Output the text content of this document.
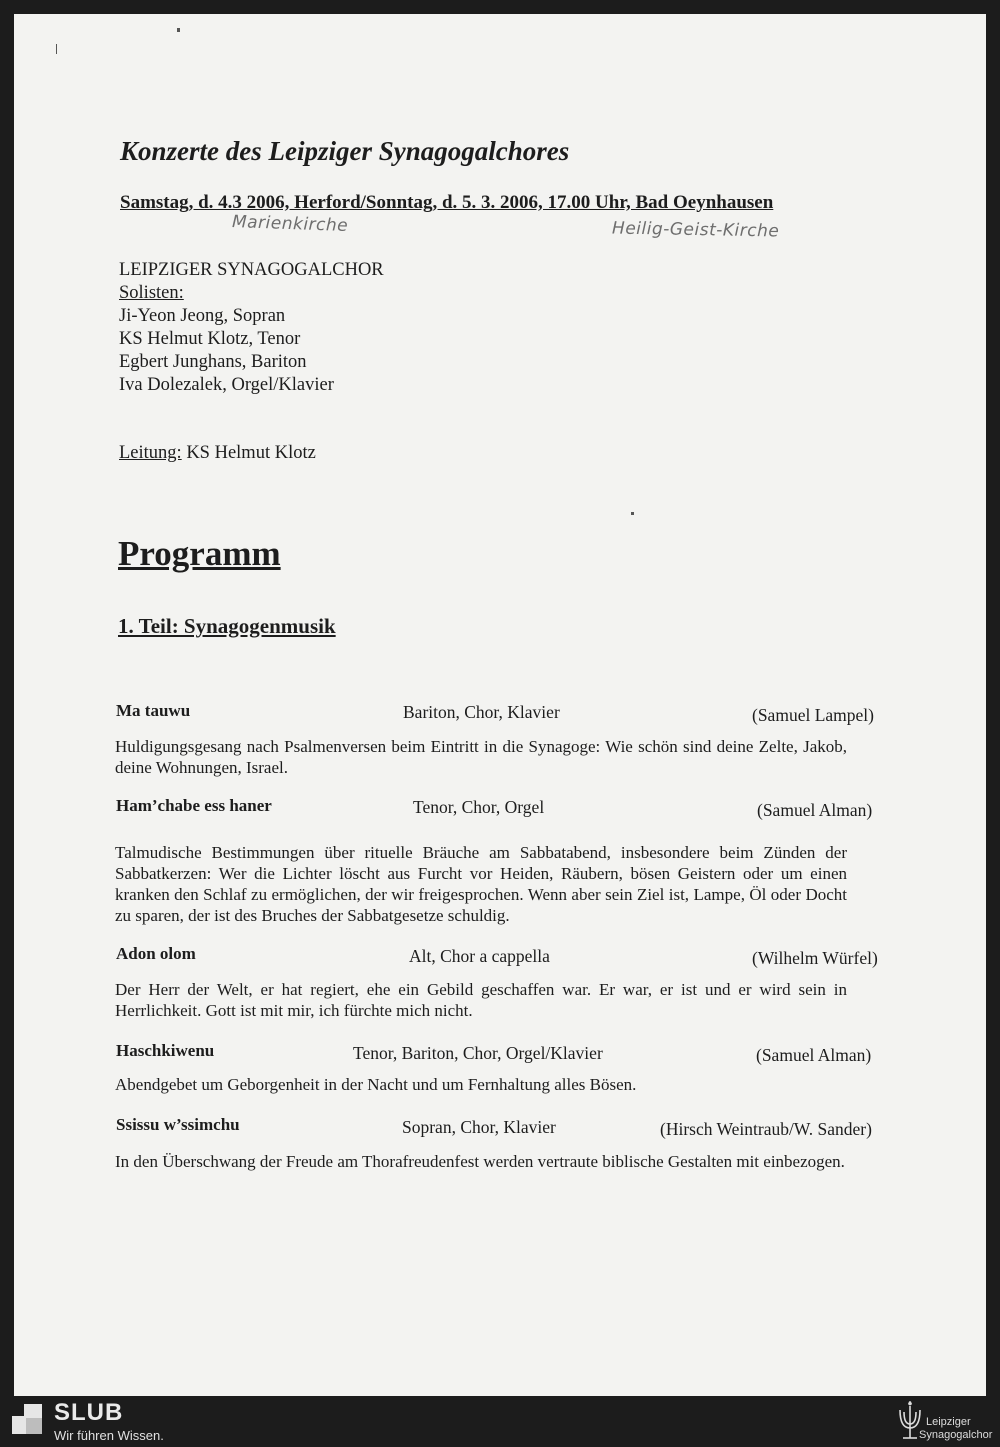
Konzerte des Leipziger Synagogalchores
Samstag, d. 4.3 2006, Herford/Sonntag, d. 5. 3. 2006, 17.00 Uhr, Bad Oeynhausen
Marienkirche	Heilig-Geist-Kirche
LEIPZIGER SYNAGOGALCHOR
Solisten:
Ji-Yeon Jeong, Sopran
KS Helmut Klotz, Tenor
Egbert Junghans, Bariton
Iva Dolezalek, Orgel/Klavier
Leitung: KS Helmut Klotz
Programm
1. Teil: Synagogenmusik
Ma tauwu	Bariton, Chor, Klavier	(Samuel Lampel)
Huldigungsgesang nach Psalmenversen beim Eintritt in die Synagoge: Wie schön sind deine Zelte, Jakob, deine Wohnungen, Israel.
Ham’chabe ess haner	Tenor, Chor, Orgel	(Samuel Alman)
Talmudische Bestimmungen über rituelle Bräuche am Sabbatabend, insbesondere beim Zünden der Sabbatkerzen: Wer die Lichter löscht aus Furcht vor Heiden, Räubern, bösen Geistern oder um einen kranken den Schlaf zu ermöglichen, der wir freigesprochen. Wenn aber sein Ziel ist, Lampe, Öl oder Docht zu sparen, der ist des Bruches der Sabbatgesetze schuldig.
Adon olom	Alt, Chor a cappella	(Wilhelm Würfel)
Der Herr der Welt, er hat regiert, ehe ein Gebild geschaffen war. Er war, er ist und er wird sein in Herrlichkeit. Gott ist mit mir, ich fürchte mich nicht.
Haschkiwenu	Tenor, Bariton, Chor, Orgel/Klavier	(Samuel Alman)
Abendgebet um Geborgenheit in der Nacht und um Fernhaltung alles Bösen.
Ssissu w’ssimchu	Sopran, Chor, Klavier	(Hirsch Weintraub/W. Sander)
In den Überschwang der Freude am Thorafreudenfest werden vertraute biblische Gestalten mit einbezogen.
SLUB
Wir führen Wissen.
Leipziger
Synagogalchor
